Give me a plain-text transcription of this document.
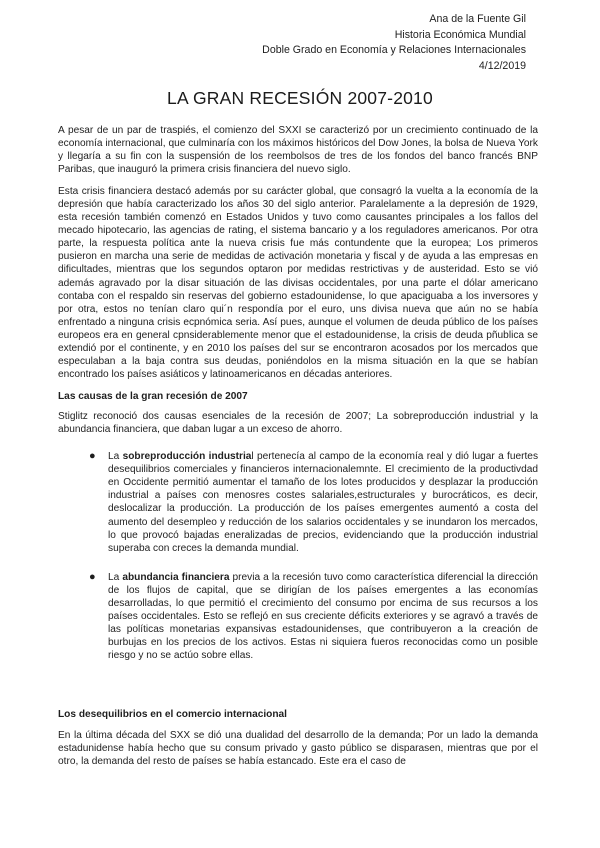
Ana de la Fuente Gil
Historia Económica Mundial
Doble Grado en Economía y Relaciones Internacionales
4/12/2019
LA GRAN RECESIÓN 2007-2010

A pesar de un par de traspiés, el comienzo del SXXI se caracterizó por un crecimiento continuado de la economía internacional, que culminaría con los máximos históricos del Dow Jones, la bolsa de Nueva York y llegaría a su fin con la suspensión de los reembolsos de tres de los fondos del banco francés BNP Paribas, que inauguró la primera crisis financiera del nuevo siglo.

Esta crisis financiera destacó además por su carácter global, que consagró la vuelta a la economía de la depresión que había caracterizado los años 30 del siglo anterior. Paralelamente a la depresión de 1929, esta recesión también comenzó en Estados Unidos y tuvo como causantes principales a los fallos del mecado hipotecario, las agencias de rating, el sistema bancario y a los reguladores americanos. Por otra parte, la respuesta política ante la nueva crisis fue más contundente que la europea; Los primeros pusieron en marcha una serie de medidas de activación monetaria y fiscal y de ayuda a las empresas en dificultades, mientras que los segundos optaron por medidas restrictivas y de austeridad. Esto se vió además agravado por la disar situación de las divisas occidentales, por una parte el dólar americano contaba con el respaldo sin reservas del gobierno estadounidense, lo que apaciguaba a los inversores y por otra, estos no tenían claro qui´n respondía por el euro, uns divisa nueva que aún no se había enfrentado a ninguna crisis ecpnómica seria. Así pues, aunque el volumen de deuda público de los países europeos era en general cpnsiderablemente menor que el estadounidense, la crisis de deuda pñublica se extendió por el continente, y en 2010 los países del sur se encontraron acosados por los mercados que especulaban a la baja contra sus deudas, poniéndolos en la misma situación en la que se habían encontrado los países asiáticos y latinoamericanos en décadas anteriores.

Las causas de la gran recesión de 2007

Stiglitz reconoció dos causas esenciales de la recesión de 2007; La sobreproducción industrial y la abundancia financiera, que daban lugar a un exceso de ahorro.

● La sobreproducción industrial pertenecía al campo de la economía real y dió lugar a fuertes desequilibrios comerciales y financieros internacionalemnte. El crecimiento de la productivdad en Occidente permitió aumentar el tamaño de los lotes producidos y desplazar la producción industrial a países con menosres costes salariales,estructurales y burocráticos, es decir, deslocalizar la producción. La producción de los países emergentes aumentó a costa del aumento del desempleo y reducción de los salarios occidentales y se inundaron los mercados, lo que provocó bajadas eneralizadas de precios, evidenciando que la producción industrial superaba con creces la demanda mundial.
● La abundancia financiera previa a la recesión tuvo como característica diferencial la dirección de los flujos de capital, que se dirigían de los países emergentes a las economías desarrolladas, lo que permitió el crecimiento del consumo por encima de sus recursos a los países occidentales. Esto se reflejó en sus creciente déficits exteriores y se agravó a través de las políticas monetarias expansivas estadounidenses, que contribuyeron a la creación de burbujas en los precios de los activos. Estas ni siquiera fueros reconocidas como un posible riesgo y no se actúo sobre ellas.

Los desequilibrios en el comercio internacional

En la última década del SXX se dió una dualidad del desarrollo de la demanda; Por un lado la demanda estadunidense había hecho que su consum privado y gasto público se disparasen, mientras que por el otro, la demanda del resto de países se había estancado. Este era el caso de
